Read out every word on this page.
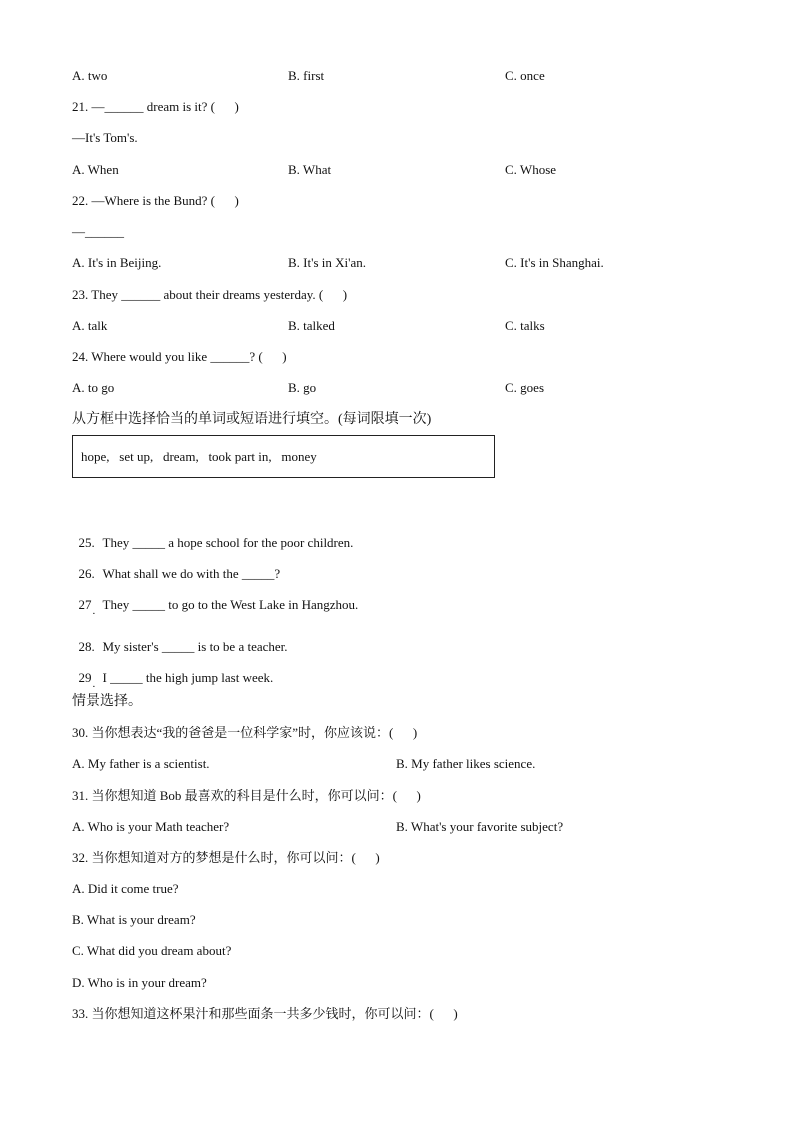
A. two	B. first	C. once
21. —______ dream is it? (      )
—It's Tom's.
A. When	B. What	C. Whose
22. —Where is the Bund? (      )
—______
A. It's in Beijing.	B. It's in Xi'an.	C. It's in Shanghai.
23. They ______ about their dreams yesterday. (      )
A. talk	B. talked	C. talks
24. Where would you like ______? (      )
A. to go	B. go	C. goes
从方框中选择恰当的单词或短语进行填空。(每词限填一次)
hope,   set up,   dream,   took part in,   money

25. They _____ a hope school for the poor children.

26. What shall we do with the _____?

27 . They _____ to go to the West Lake in Hangzhou.

28. My sister's _____ is to be a teacher.

29 . I _____ the high jump last week.

情景选择。
30. 当你想表达“我的爸爸是一位科学家”时，你应该说：(      )
A. My father is a scientist.	B. My father likes science.
31. 当你想知道 Bob 最喜欢的科目是什么时，你可以问：(      )
A. Who is your Math teacher?	B. What's your favorite subject?
32. 当你想知道对方的梦想是什么时，你可以问：(      )
A. Did it come true?
B. What is your dream?
C. What did you dream about?
D. Who is in your dream?
33. 当你想知道这杯果汁和那些面条一共多少钱时，你可以问：(      )
